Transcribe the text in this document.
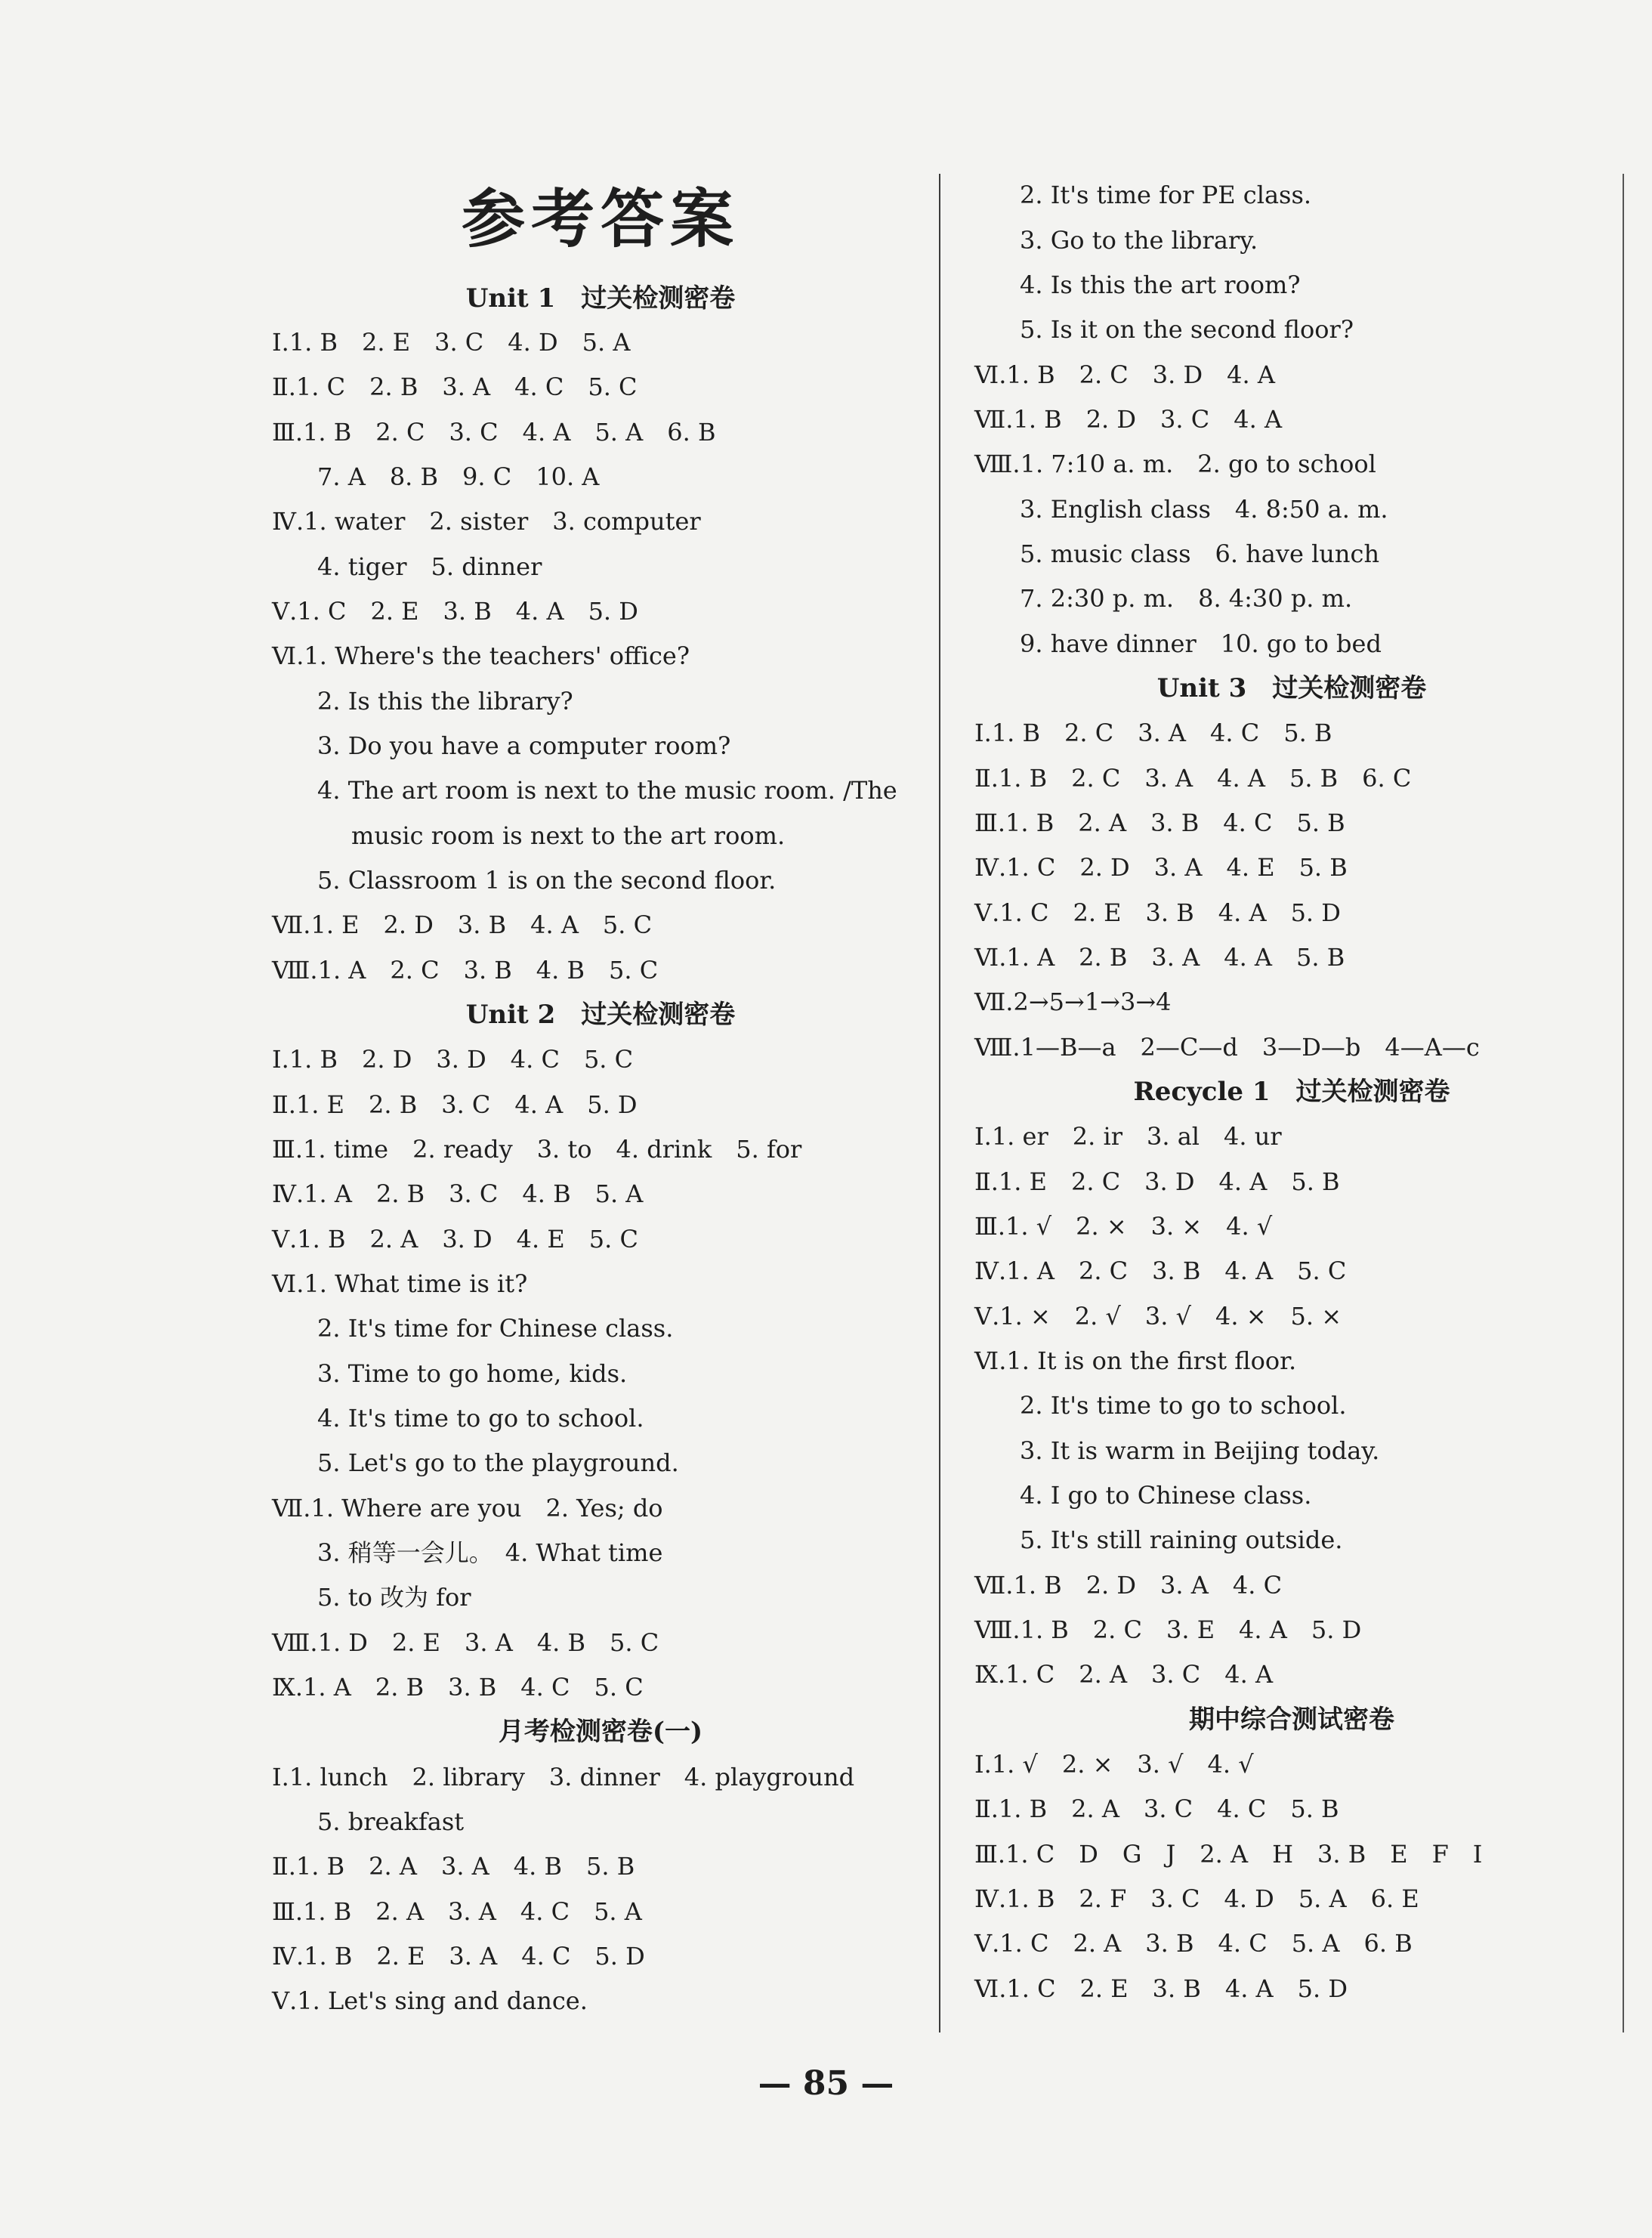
参考答案
Unit 1　过关检测密卷
Ⅰ.1. B　2. E　3. C　4. D　5. A
Ⅱ.1. C　2. B　3. A　4. C　5. C
Ⅲ.1. B　2. C　3. C　4. A　5. A　6. B
7. A　8. B　9. C　10. A
Ⅳ.1. water　2. sister　3. computer
4. tiger　5. dinner
Ⅴ.1. C　2. E　3. B　4. A　5. D
Ⅵ.1. Where's the teachers' office?
2. Is this the library?
3. Do you have a computer room?
4. The art room is next to the music room. /The
music room is next to the art room.
5. Classroom 1 is on the second floor.
Ⅶ.1. E　2. D　3. B　4. A　5. C
Ⅷ.1. A　2. C　3. B　4. B　5. C
Unit 2　过关检测密卷
Ⅰ.1. B　2. D　3. D　4. C　5. C
Ⅱ.1. E　2. B　3. C　4. A　5. D
Ⅲ.1. time　2. ready　3. to　4. drink　5. for
Ⅳ.1. A　2. B　3. C　4. B　5. A
Ⅴ.1. B　2. A　3. D　4. E　5. C
Ⅵ.1. What time is it?
2. It's time for Chinese class.
3. Time to go home, kids.
4. It's time to go to school.
5. Let's go to the playground.
Ⅶ.1. Where are you　2. Yes; do
3. 稍等一会儿。　4. What time
5. to 改为 for
Ⅷ.1. D　2. E　3. A　4. B　5. C
Ⅸ.1. A　2. B　3. B　4. C　5. C
月考检测密卷(一)
Ⅰ.1. lunch　2. library　3. dinner　4. playground
5. breakfast
Ⅱ.1. B　2. A　3. A　4. B　5. B
Ⅲ.1. B　2. A　3. A　4. C　5. A
Ⅳ.1. B　2. E　3. A　4. C　5. D
Ⅴ.1. Let's sing and dance.
2. It's time for PE class.
3. Go to the library.
4. Is this the art room?
5. Is it on the second floor?
Ⅵ.1. B　2. C　3. D　4. A
Ⅶ.1. B　2. D　3. C　4. A
Ⅷ.1. 7:10 a. m.　2. go to school
3. English class　4. 8:50 a. m.
5. music class　6. have lunch
7. 2:30 p. m.　8. 4:30 p. m.
9. have dinner　10. go to bed
Unit 3　过关检测密卷
Ⅰ.1. B　2. C　3. A　4. C　5. B
Ⅱ.1. B　2. C　3. A　4. A　5. B　6. C
Ⅲ.1. B　2. A　3. B　4. C　5. B
Ⅳ.1. C　2. D　3. A　4. E　5. B
Ⅴ.1. C　2. E　3. B　4. A　5. D
Ⅵ.1. A　2. B　3. A　4. A　5. B
Ⅶ.2→5→1→3→4
Ⅷ.1—B—a　2—C—d　3—D—b　4—A—c
Recycle 1　过关检测密卷
Ⅰ.1. er　2. ir　3. al　4. ur
Ⅱ.1. E　2. C　3. D　4. A　5. B
Ⅲ.1. √　2. ×　3. ×　4. √
Ⅳ.1. A　2. C　3. B　4. A　5. C
Ⅴ.1. ×　2. √　3. √　4. ×　5. ×
Ⅵ.1. It is on the first floor.
2. It's time to go to school.
3. It is warm in Beijing today.
4. I go to Chinese class.
5. It's still raining outside.
Ⅶ.1. B　2. D　3. A　4. C
Ⅷ.1. B　2. C　3. E　4. A　5. D
Ⅸ.1. C　2. A　3. C　4. A
期中综合测试密卷
Ⅰ.1. √　2. ×　3. √　4. √
Ⅱ.1. B　2. A　3. C　4. C　5. B
Ⅲ.1. C　D　G　J　2. A　H　3. B　E　F　I
Ⅳ.1. B　2. F　3. C　4. D　5. A　6. E
Ⅴ.1. C　2. A　3. B　4. C　5. A　6. B
Ⅵ.1. C　2. E　3. B　4. A　5. D
— 85 —
